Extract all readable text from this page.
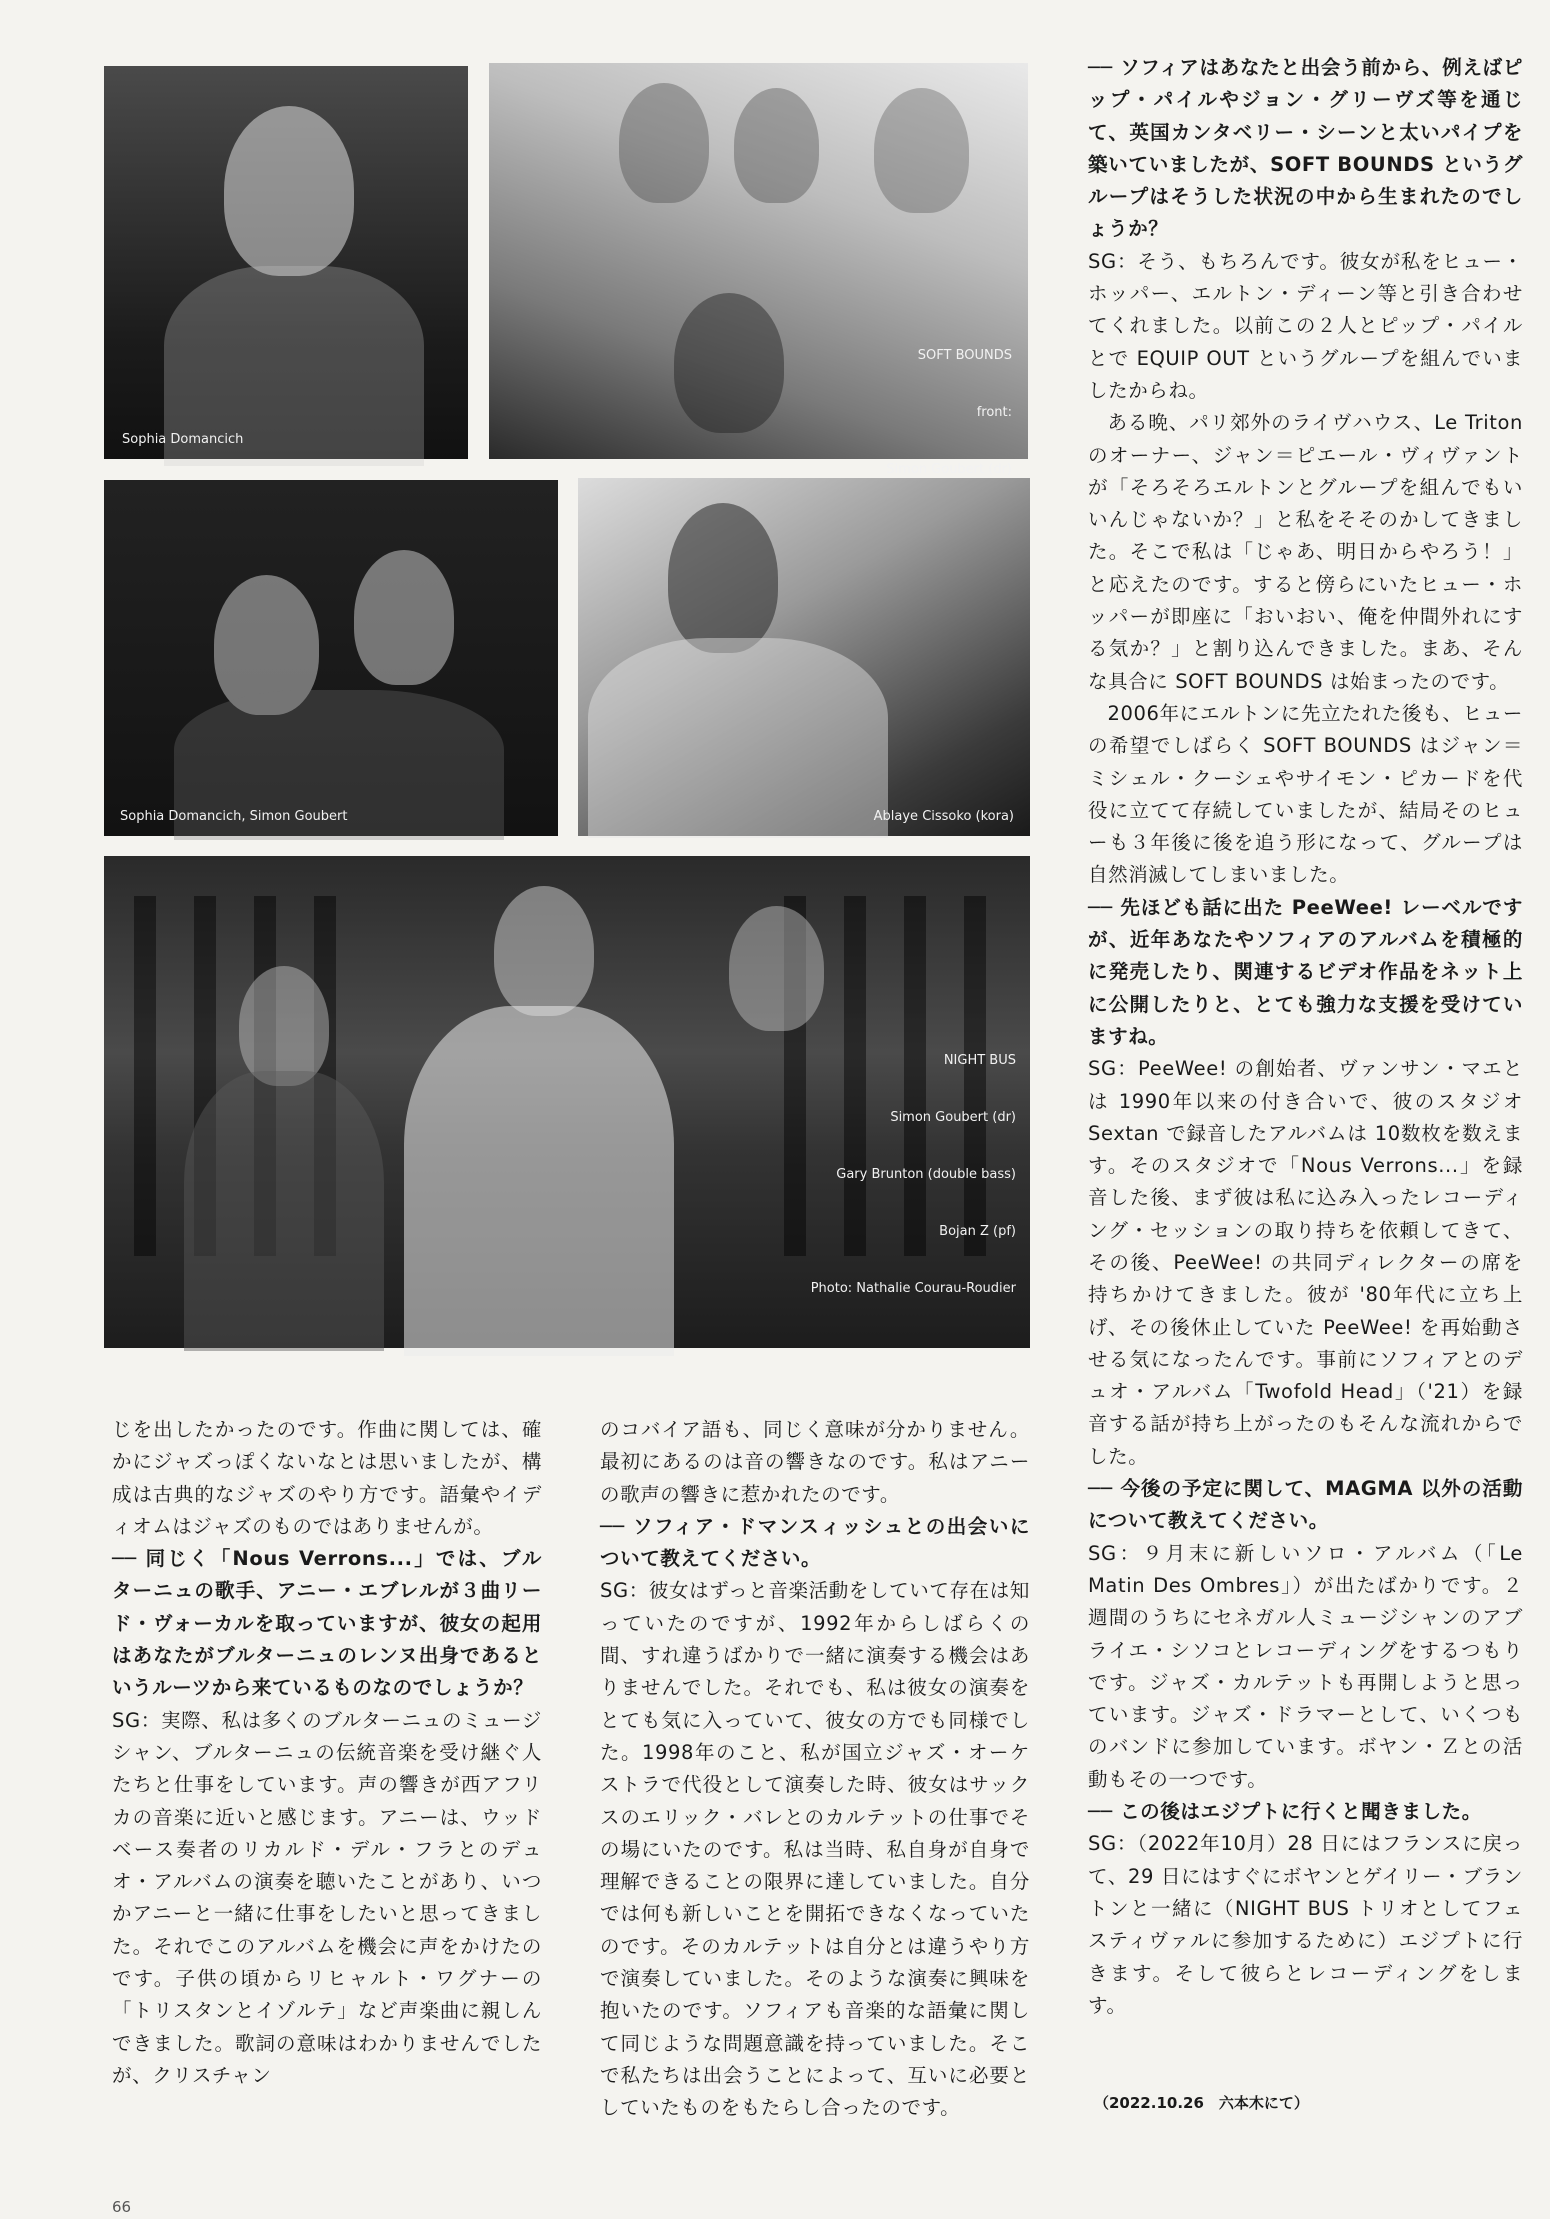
Sophia Domancich

SOFT BOUNDS

front:

Simon Goubert (dr)

Sophia Domancich, Simon Goubert	Ablaye Cissoko (kora)

NIGHT BUS

Simon Goubert (dr)

Gary Brunton (double bass)

Bojan Z (pf)

Photo: Nathalie Courau-Roudier

── ソフィアはあなたと出会う前から、例えばピップ・パイルやジョン・グリーヴズ等を通じて、英国カンタベリー・シーンと太いパイプを築いていましたが、SOFT BOUNDS というグループはそうした状況の中から生まれたのでしょうか？

SG：そう、もちろんです。彼女が私をヒュー・ホッパー、エルトン・ディーン等と引き合わせてくれました。以前この２人とピップ・パイルとで EQUIP OUT というグループを組んでいましたからね。

ある晩、パリ郊外のライヴハウス、Le Triton のオーナー、ジャン＝ピエール・ヴィヴァントが「そろそろエルトンとグループを組んでもいいんじゃないか？」と私をそそのかしてきました。そこで私は「じゃあ、明日からやろう！」と応えたのです。すると傍らにいたヒュー・ホッパーが即座に「おいおい、俺を仲間外れにする気か？」と割り込んできました。まあ、そんな具合に SOFT BOUNDS は始まったのです。

2006年にエルトンに先立たれた後も、ヒューの希望でしばらく SOFT BOUNDS はジャン＝ミシェル・クーシェやサイモン・ピカードを代役に立てて存続していましたが、結局そのヒューも３年後に後を追う形になって、グループは自然消滅してしまいました。

── 先ほども話に出た PeeWee! レーベルですが、近年あなたやソフィアのアルバムを積極的に発売したり、関連するビデオ作品をネット上に公開したりと、とても強力な支援を受けていますね。

SG：PeeWee! の創始者、ヴァンサン・マエとは 1990年以来の付き合いで、彼のスタジオ Sextan で録音したアルバムは 10数枚を数えます。そのスタジオで「Nous Verrons...」を録音した後、まず彼は私に込み入ったレコーディング・セッションの取り持ちを依頼してきて、その後、PeeWee! の共同ディレクターの席を持ちかけてきました。彼が '80年代に立ち上げ、その後休止していた PeeWee! を再始動させる気になったんです。事前にソフィアとのデュオ・アルバム「Twofold Head」（'21）を録音する話が持ち上がったのもそんな流れからでした。

── 今後の予定に関して、MAGMA 以外の活動について教えてください。

SG：９月末に新しいソロ・アルバム（「Le Matin Des Ombres」）が出たばかりです。２週間のうちにセネガル人ミュージシャンのアブライエ・シソコとレコーディングをするつもりです。ジャズ・カルテットも再開しようと思っています。ジャズ・ドラマーとして、いくつものバンドに参加しています。ボヤン・Ｚとの活動もその一つです。

── この後はエジプトに行くと聞きました。

SG：（2022年10月）28 日にはフランスに戻って、29 日にはすぐにボヤンとゲイリー・ブラントンと一緒に（NIGHT BUS トリオとしてフェスティヴァルに参加するために）エジプトに行きます。そして彼らとレコーディングをします。

じを出したかったのです。作曲に関しては、確かにジャズっぽくないなとは思いましたが、構成は古典的なジャズのやり方です。語彙やイディオムはジャズのものではありませんが。

── 同じく「Nous Verrons...」では、ブルターニュの歌手、アニー・エブレルが３曲リード・ヴォーカルを取っていますが、彼女の起用はあなたがブルターニュのレンヌ出身であるというルーツから来ているものなのでしょうか？

SG：実際、私は多くのブルターニュのミュージシャン、ブルターニュの伝統音楽を受け継ぐ人たちと仕事をしています。声の響きが西アフリカの音楽に近いと感じます。アニーは、ウッドベース奏者のリカルド・デル・フラとのデュオ・アルバムの演奏を聴いたことがあり、いつかアニーと一緒に仕事をしたいと思ってきました。それでこのアルバムを機会に声をかけたのです。子供の頃からリヒャルト・ワグナーの「トリスタンとイゾルテ」など声楽曲に親しんできました。歌詞の意味はわかりませんでしたが、クリスチャン

のコバイア語も、同じく意味が分かりません。最初にあるのは音の響きなのです。私はアニーの歌声の響きに惹かれたのです。

── ソフィア・ドマンスィッシュとの出会いについて教えてください。

SG：彼女はずっと音楽活動をしていて存在は知っていたのですが、1992年からしばらくの間、すれ違うばかりで一緒に演奏する機会はありませんでした。それでも、私は彼女の演奏をとても気に入っていて、彼女の方でも同様でした。1998年のこと、私が国立ジャズ・オーケストラで代役として演奏した時、彼女はサックスのエリック・バレとのカルテットの仕事でその場にいたのです。私は当時、私自身が自身で理解できることの限界に達していました。自分では何も新しいことを開拓できなくなっていたのです。そのカルテットは自分とは違うやり方で演奏していました。そのような演奏に興味を抱いたのです。ソフィアも音楽的な語彙に関して同じような問題意識を持っていました。そこで私たちは出会うことによって、互いに必要としていたものをもたらし合ったのです。	（2022.10.26　六本木にて）
66
